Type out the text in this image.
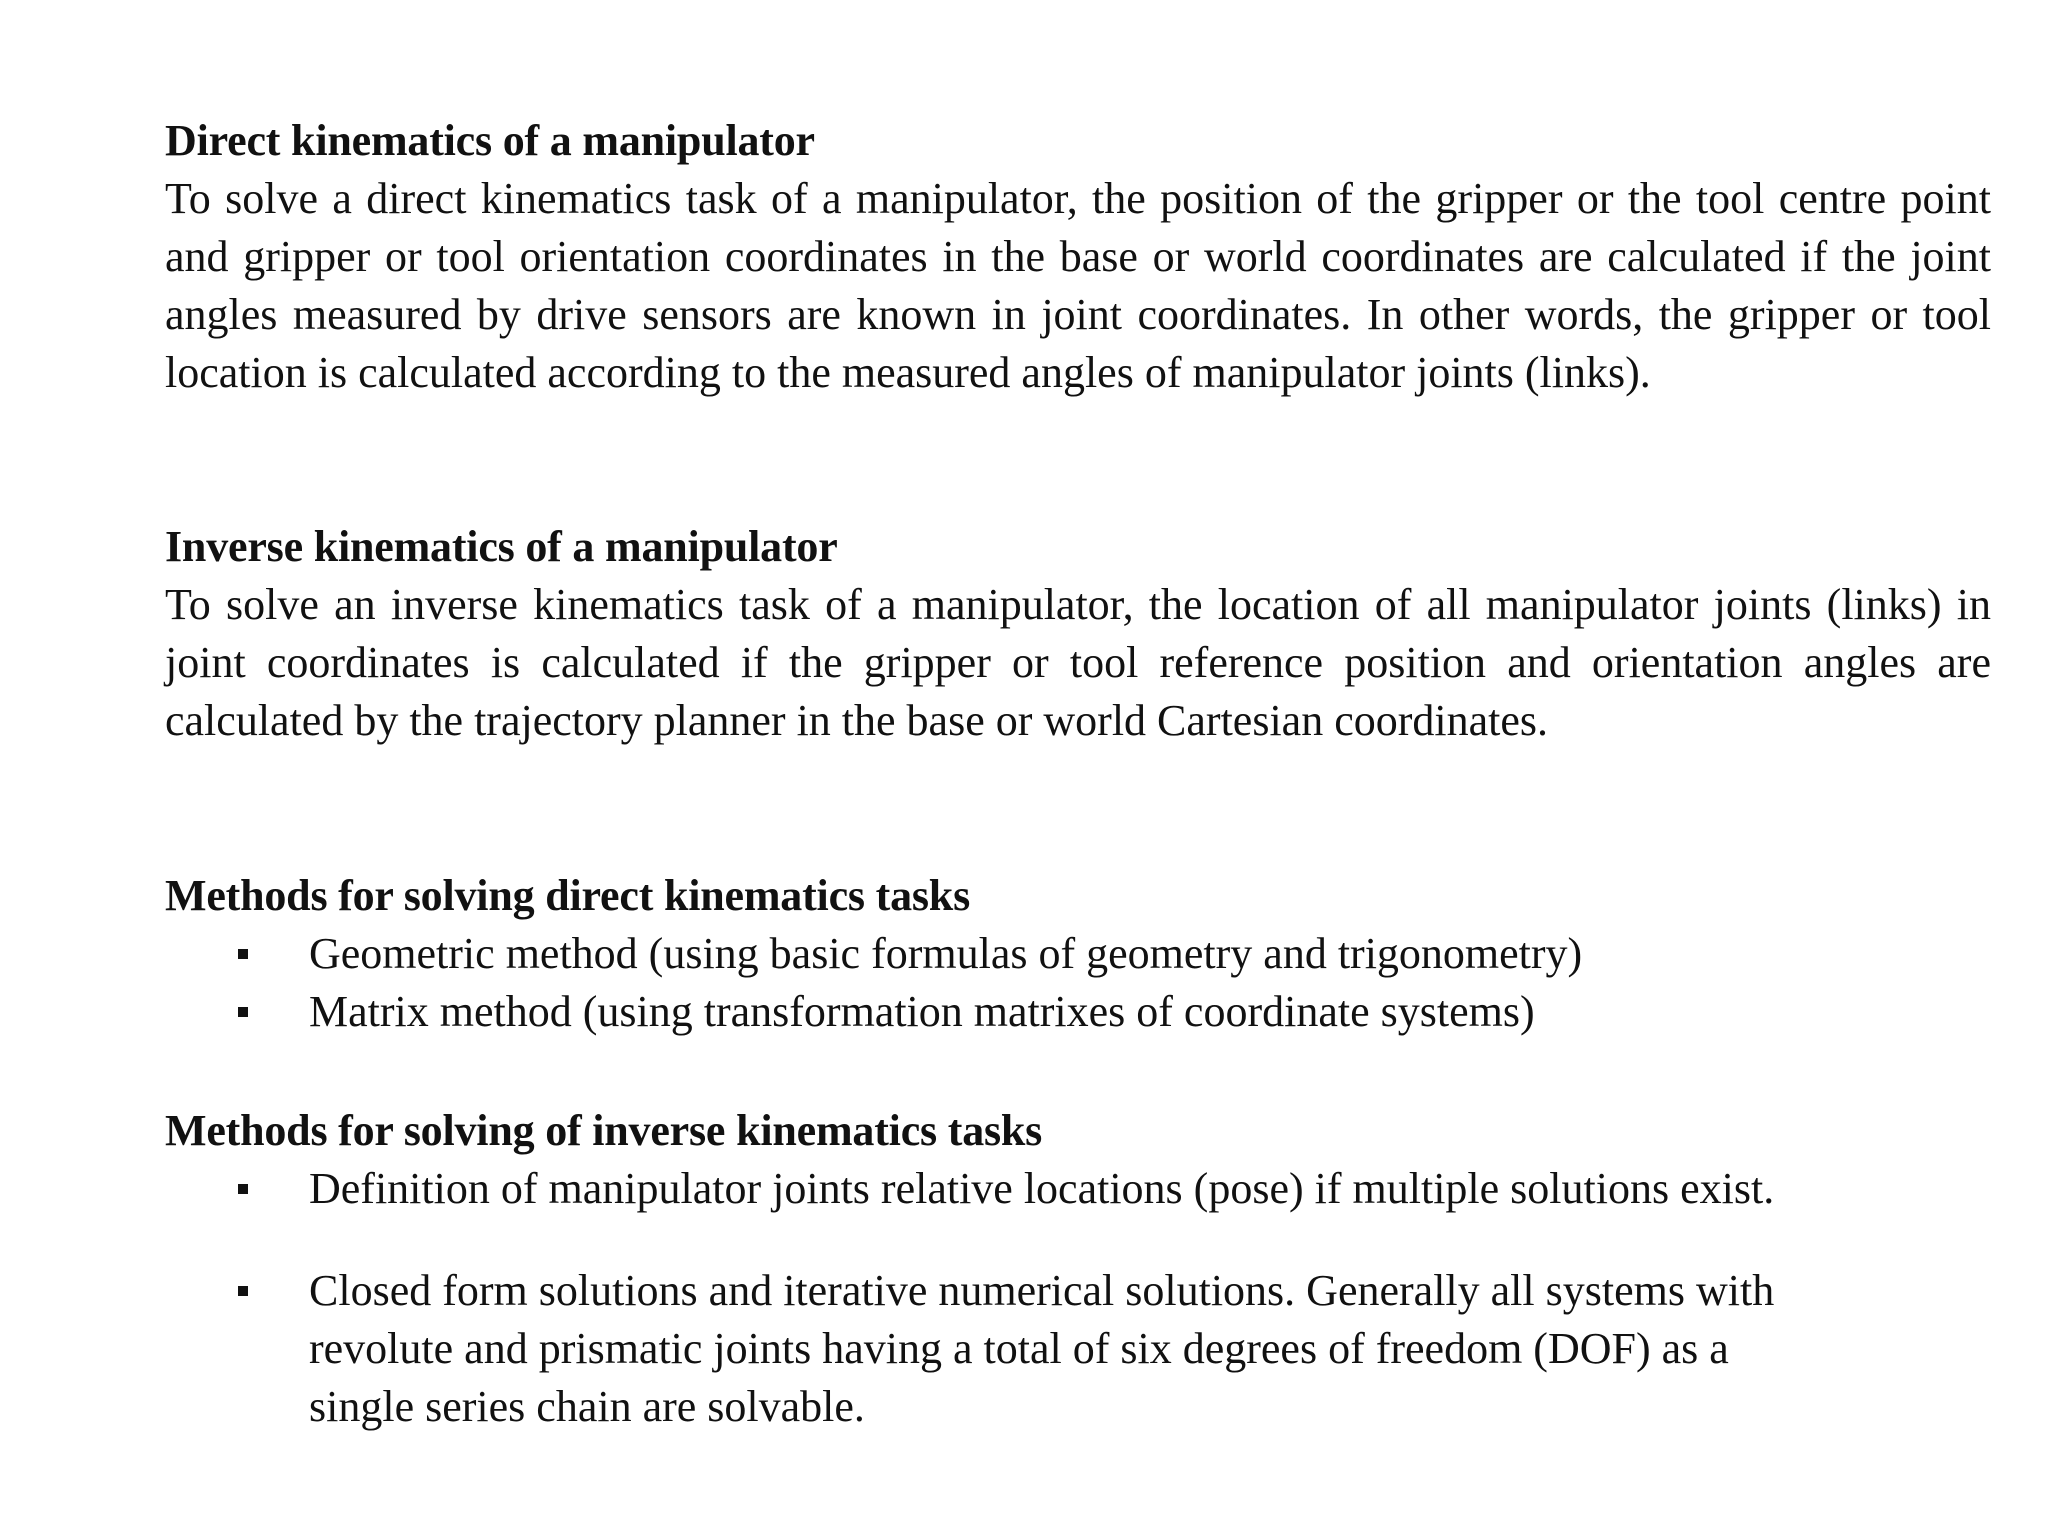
Direct kinematics of a manipulator

To solve a direct kinematics task of a manipulator, the position of the gripper or the tool centre point and gripper or tool orientation coordinates in the base or world coordinates are calculated if the joint angles measured by drive sensors are known in joint coordinates. In other words, the gripper or tool location is calculated according to the measured angles of manipulator joints (links).

Inverse kinematics of a manipulator

To solve an inverse kinematics task of a manipulator, the location of all manipulator joints (links) in joint coordinates is calculated if the gripper or tool reference position and orientation angles are calculated by the trajectory planner in the base or world Cartesian coordinates.

Methods for solving direct kinematics tasks
Geometric method (using basic formulas of geometry and trigonometry)
Matrix method (using transformation matrixes of coordinate systems)
Methods for solving of inverse kinematics tasks
Definition of manipulator joints relative locations (pose) if multiple solutions exist.
Closed form solutions and iterative numerical solutions. Generally all systems with revolute and prismatic joints having a total of six degrees of freedom (DOF) as a single series chain are solvable.
